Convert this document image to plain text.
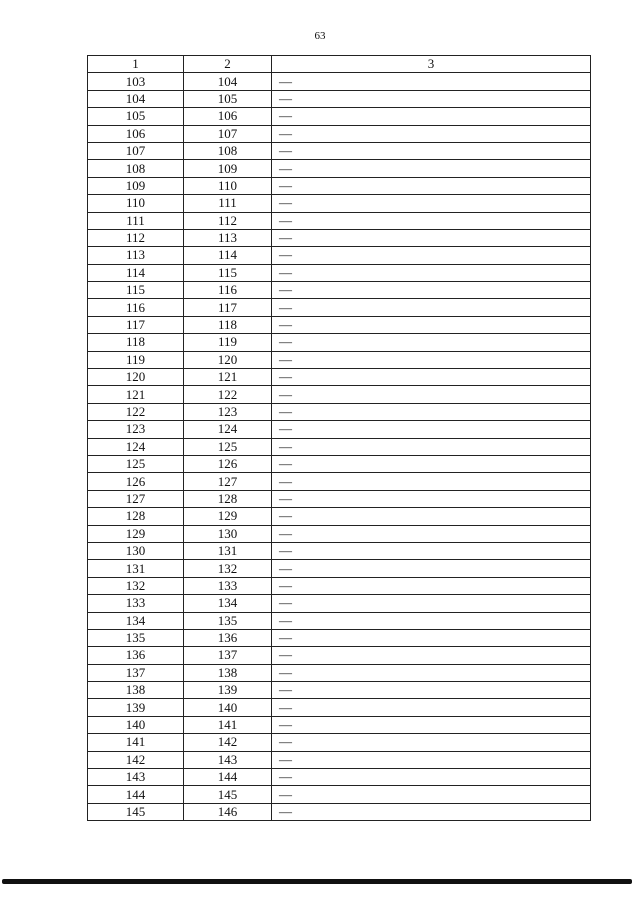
63
1	2	3
103	104	—
104	105	—
105	106	—
106	107	—
107	108	—
108	109	—
109	110	—
110	111	—
111	112	—
112	113	—
113	114	—
114	115	—
115	116	—
116	117	—
117	118	—
118	119	—
119	120	—
120	121	—
121	122	—
122	123	—
123	124	—
124	125	—
125	126	—
126	127	—
127	128	—
128	129	—
129	130	—
130	131	—
131	132	—
132	133	—
133	134	—
134	135	—
135	136	—
136	137	—
137	138	—
138	139	—
139	140	—
140	141	—
141	142	—
142	143	—
143	144	—
144	145	—
145	146	—
